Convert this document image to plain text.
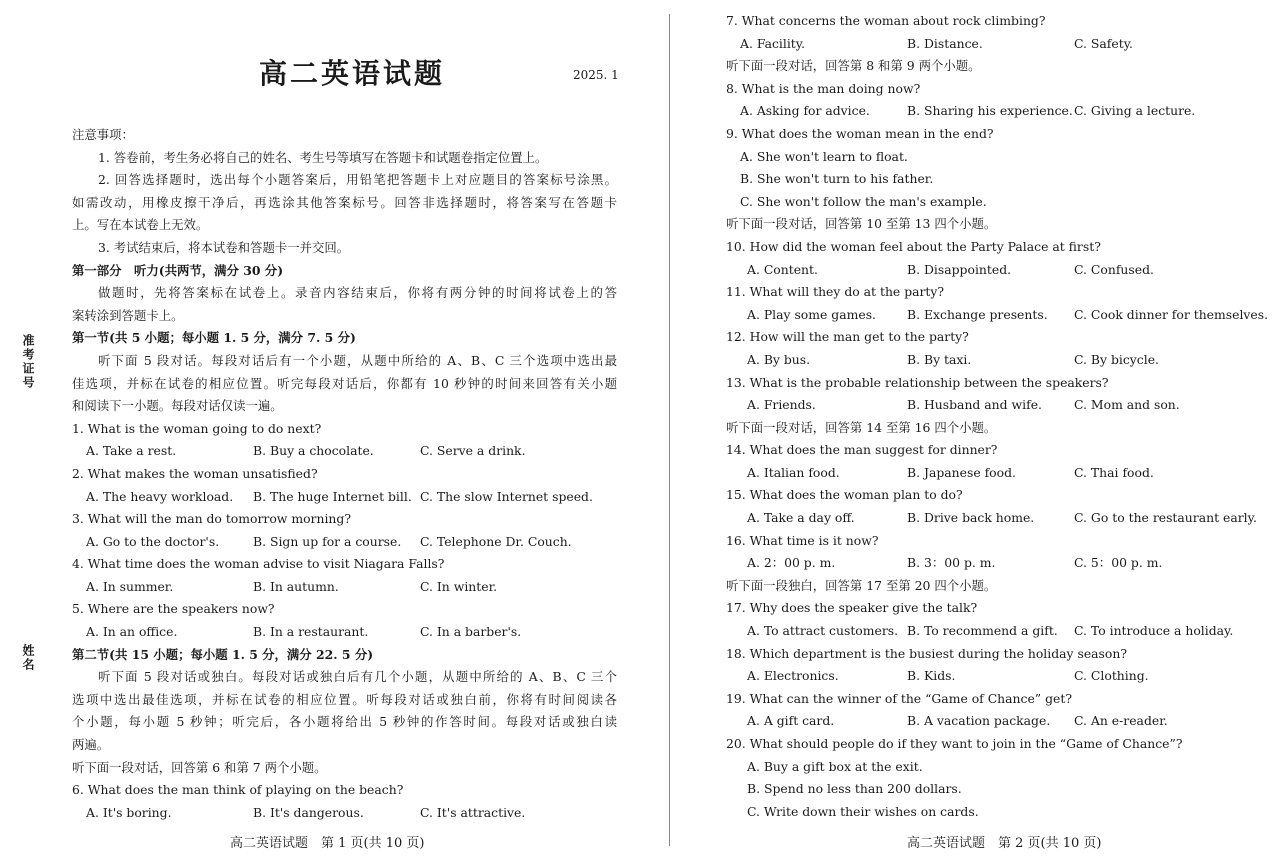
高二英语试题	2025. 1
准考证号
姓名
注意事项：
1. 答卷前，考生务必将自己的姓名、考生号等填写在答题卡和试题卷指定位置上。
2. 回答选择题时，选出每个小题答案后，用铅笔把答题卡上对应题目的答案标号涂黑。
如需改动，用橡皮擦干净后，再选涂其他答案标号。回答非选择题时，将答案写在答题卡
上。写在本试卷上无效。
3. 考试结束后，将本试卷和答题卡一并交回。
第一部分　听力(共两节，满分 30 分)
做题时，先将答案标在试卷上。录音内容结束后，你将有两分钟的时间将试卷上的答
案转涂到答题卡上。
第一节(共 5 小题；每小题 1. 5 分，满分 7. 5 分)
听下面 5 段对话。每段对话后有一个小题，从题中所给的 A、B、C 三个选项中选出最
佳选项，并标在试卷的相应位置。听完每段对话后，你都有 10 秒钟的时间来回答有关小题
和阅读下一小题。每段对话仅读一遍。
1. What is the woman going to do next?
A. Take a rest.	B. Buy a chocolate.	C. Serve a drink.
2. What makes the woman unsatisfied?
A. The heavy workload. B. The huge Internet bill. C. The slow Internet speed.
3. What will the man do tomorrow morning?
A. Go to the doctor's.	B. Sign up for a course. C. Telephone Dr. Couch.
4. What time does the woman advise to visit Niagara Falls?
A. In summer.	B. In autumn.	C. In winter.
5. Where are the speakers now?
A. In an office.	B. In a restaurant.	C. In a barber's.
第二节(共 15 小题；每小题 1. 5 分，满分 22. 5 分)
听下面 5 段对话或独白。每段对话或独白后有几个小题，从题中所给的 A、B、C 三个
选项中选出最佳选项，并标在试卷的相应位置。听每段对话或独白前，你将有时间阅读各
个小题，每小题 5 秒钟；听完后，各小题将给出 5 秒钟的作答时间。每段对话或独白读
两遍。
听下面一段对话，回答第 6 和第 7 两个小题。
6. What does the man think of playing on the beach?
A. It's boring.	B. It's dangerous.	C. It's attractive.
7. What concerns the woman about rock climbing?
A. Facility.	B. Distance.	C. Safety.
听下面一段对话，回答第 8 和第 9 两个小题。
8. What is the man doing now?
A. Asking for advice.	B. Sharing his experience. C. Giving a lecture.
9. What does the woman mean in the end?
A. She won't learn to float.
B. She won't turn to his father.
C. She won't follow the man's example.
听下面一段对话，回答第 10 至第 13 四个小题。
10. How did the woman feel about the Party Palace at first?
A. Content.	B. Disappointed.	C. Confused.
11. What will they do at the party?
A. Play some games.	B. Exchange presents. C. Cook dinner for themselves.
12. How will the man get to the party?
A. By bus.	B. By taxi.	C. By bicycle.
13. What is the probable relationship between the speakers?
A. Friends.	B. Husband and wife.	C. Mom and son.
听下面一段对话，回答第 14 至第 16 四个小题。
14. What does the man suggest for dinner?
A. Italian food.	B. Japanese food.	C. Thai food.
15. What does the woman plan to do?
A. Take a day off.	B. Drive back home.	C. Go to the restaurant early.
16. What time is it now?
A. 2：00 p. m.	B. 3：00 p. m.	C. 5：00 p. m.
听下面一段独白，回答第 17 至第 20 四个小题。
17. Why does the speaker give the talk?
A. To attract customers. B. To recommend a gift. C. To introduce a holiday.
18. Which department is the busiest during the holiday season?
A. Electronics.	B. Kids.	C. Clothing.
19. What can the winner of the “Game of Chance” get?
A. A gift card.	B. A vacation package. C. An e-reader.
20. What should people do if they want to join in the “Game of Chance”?
A. Buy a gift box at the exit.
B. Spend no less than 200 dollars.
C. Write down their wishes on cards.
高二英语试题　第 1 页(共 10 页)	高二英语试题　第 2 页(共 10 页)
